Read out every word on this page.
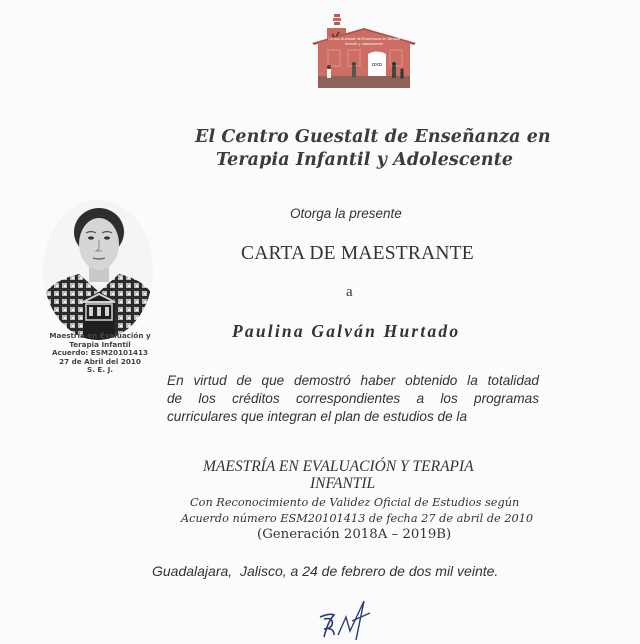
Centro Guestalt de Enseñanza en Terapia
Infantil y Adolescente
ꝏꝏ
El Centro Guestalt de Enseñanza en
Terapia Infantil y Adolescente
Otorga la presente
CARTA DE MAESTRANTE
a
Paulina Galván Hurtado
En virtud de que demostró haber obtenido la totalidad
de los créditos correspondientes a los programas
curriculares que integran el plan de estudios de la
MAESTRÍA EN EVALUACIÓN Y TERAPIA
INFANTIL
Con Reconocimiento de Validez Oficial de Estudios según
Acuerdo número ESM20101413 de fecha 27 de abril de 2010
(Generación 2018A – 2019B)
Guadalajara,  Jalisco, a 24 de febrero de dos mil veinte.
Maestría en Evaluación y
Terapia Infantil
Acuerdo: ESM20101413
27 de Abril del 2010
S. E. J.
